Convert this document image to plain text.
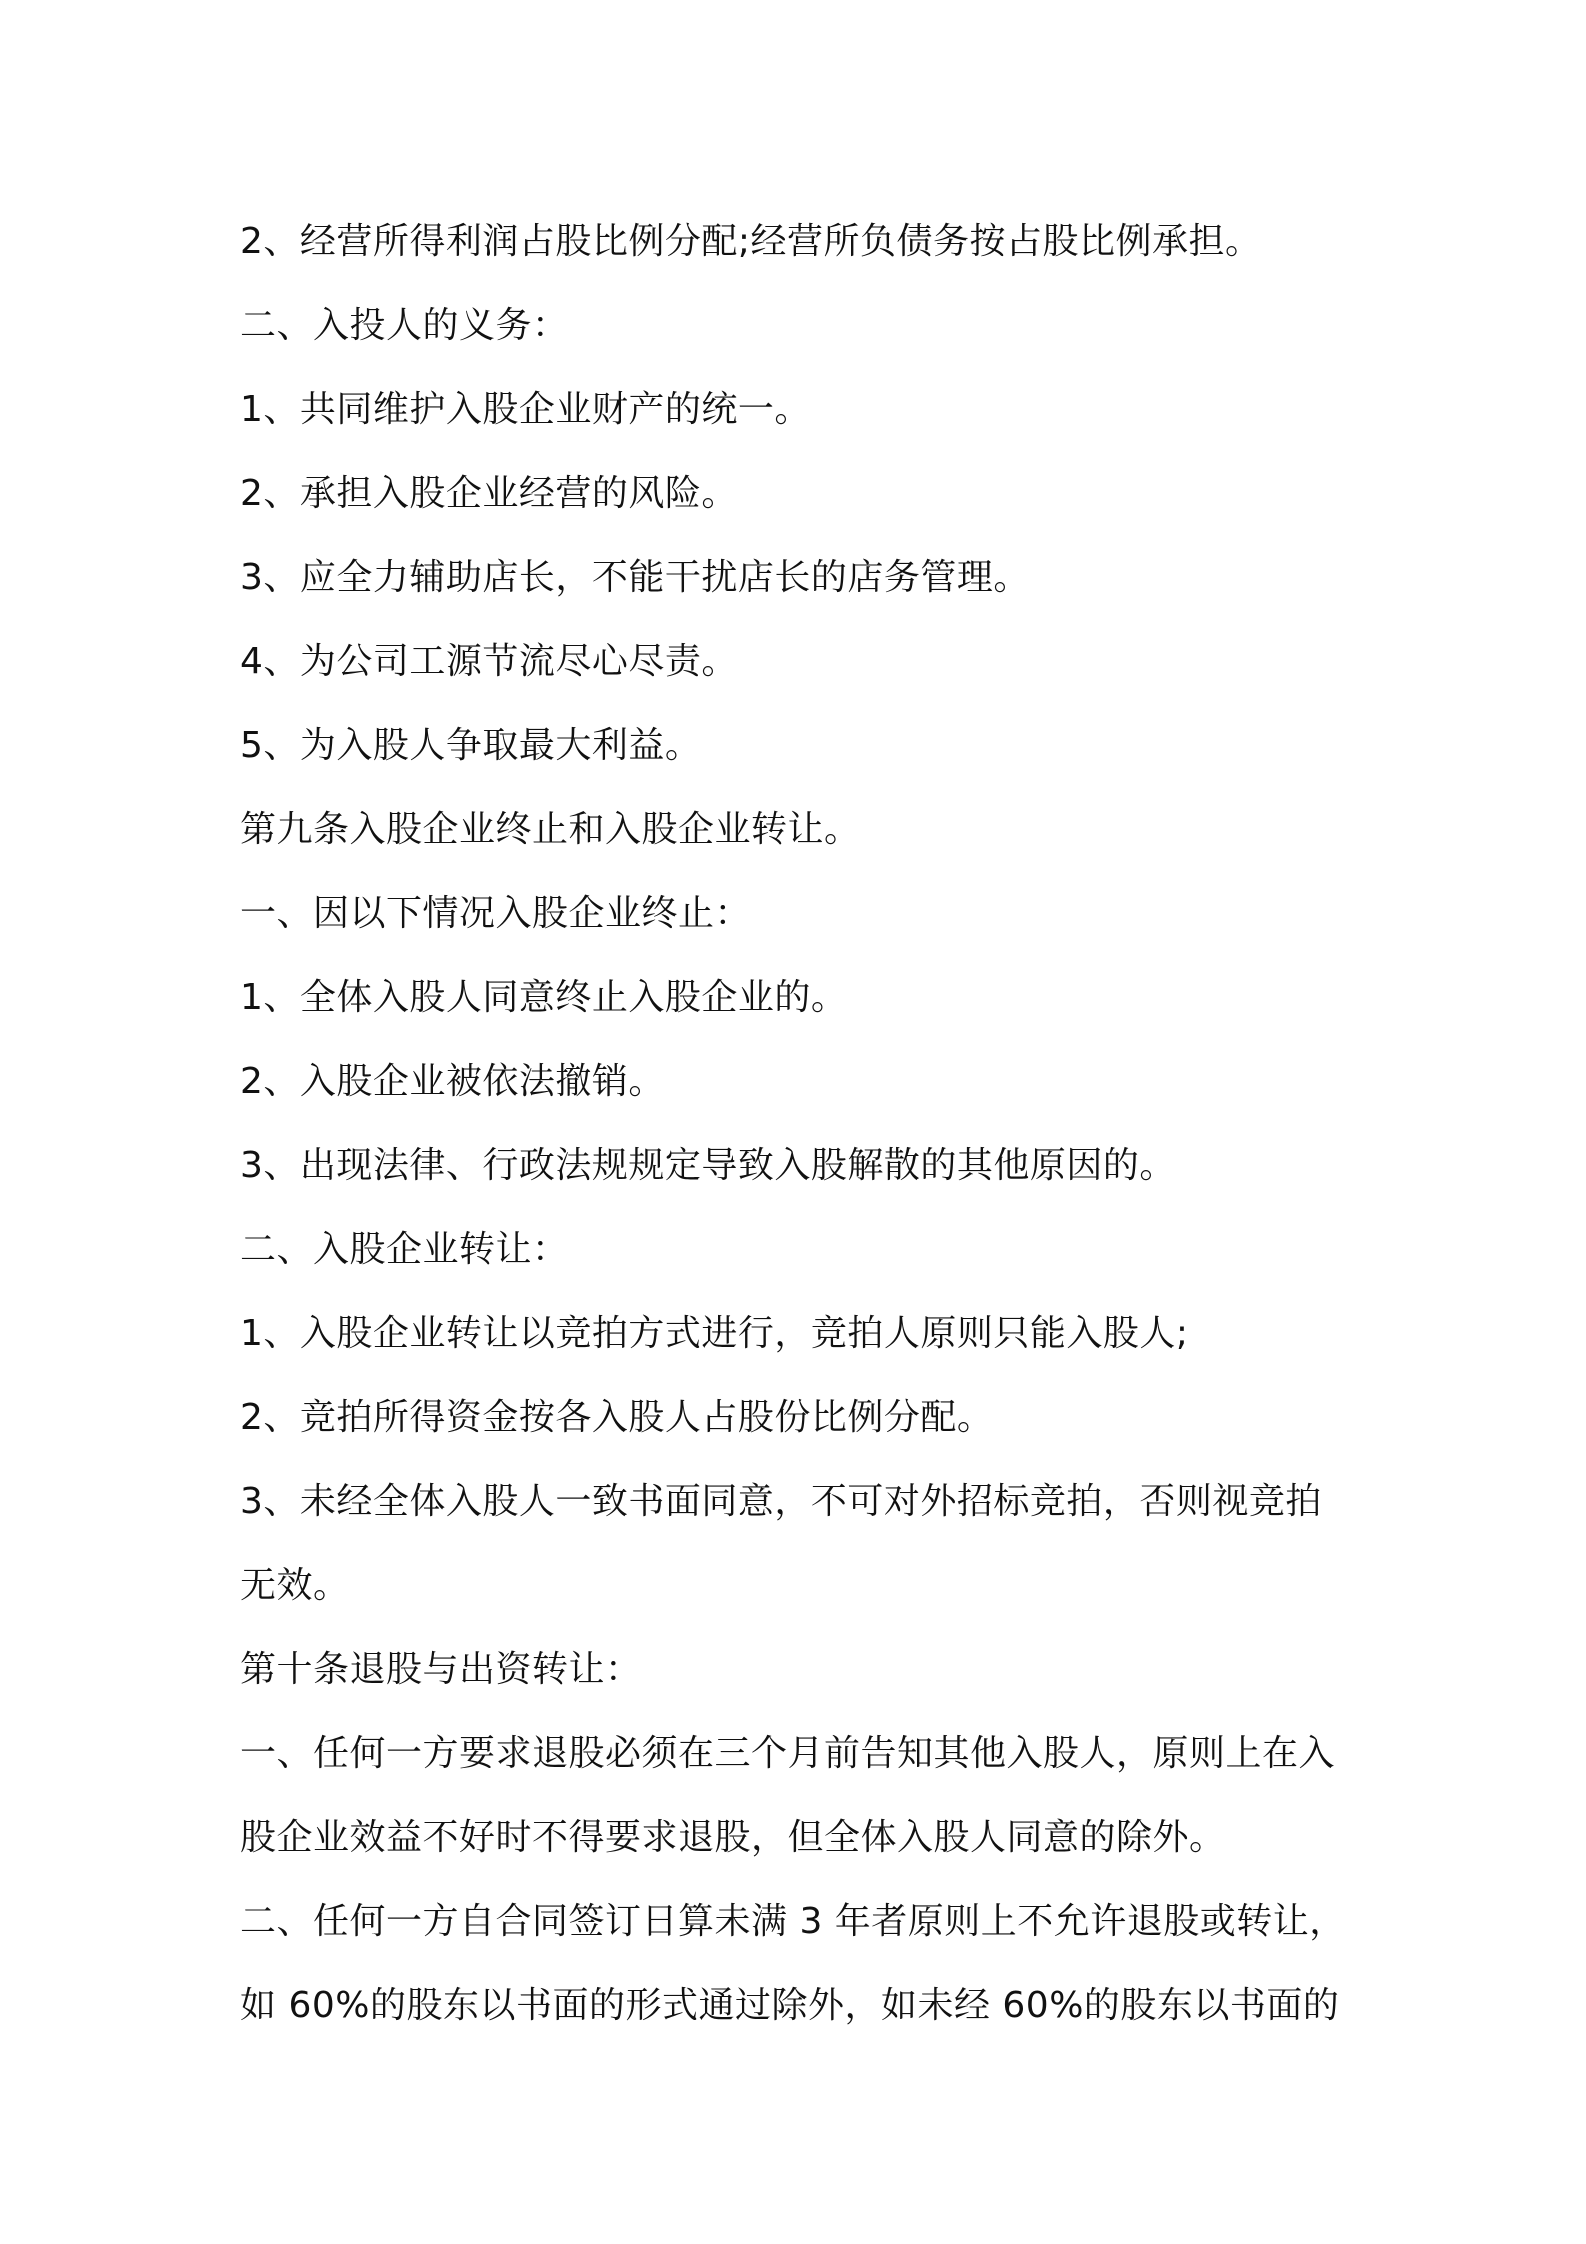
2、经营所得利润占股比例分配;经营所负债务按占股比例承担。
二、入投人的义务：
1、共同维护入股企业财产的统一。
2、承担入股企业经营的风险。
3、应全力辅助店长，不能干扰店长的店务管理。
4、为公司工源节流尽心尽责。
5、为入股人争取最大利益。
第九条入股企业终止和入股企业转让。
一、因以下情况入股企业终止：
1、全体入股人同意终止入股企业的。
2、入股企业被依法撤销。
3、出现法律、行政法规规定导致入股解散的其他原因的。
二、入股企业转让：
1、入股企业转让以竞拍方式进行，竞拍人原则只能入股人;
2、竞拍所得资金按各入股人占股份比例分配。
3、未经全体入股人一致书面同意，不可对外招标竞拍，否则视竞拍
无效。
第十条退股与出资转让：
一、任何一方要求退股必须在三个月前告知其他入股人，原则上在入
股企业效益不好时不得要求退股，但全体入股人同意的除外。
二、任何一方自合同签订日算未满 3 年者原则上不允许退股或转让，
如 60%的股东以书面的形式通过除外，如未经 60%的股东以书面的
